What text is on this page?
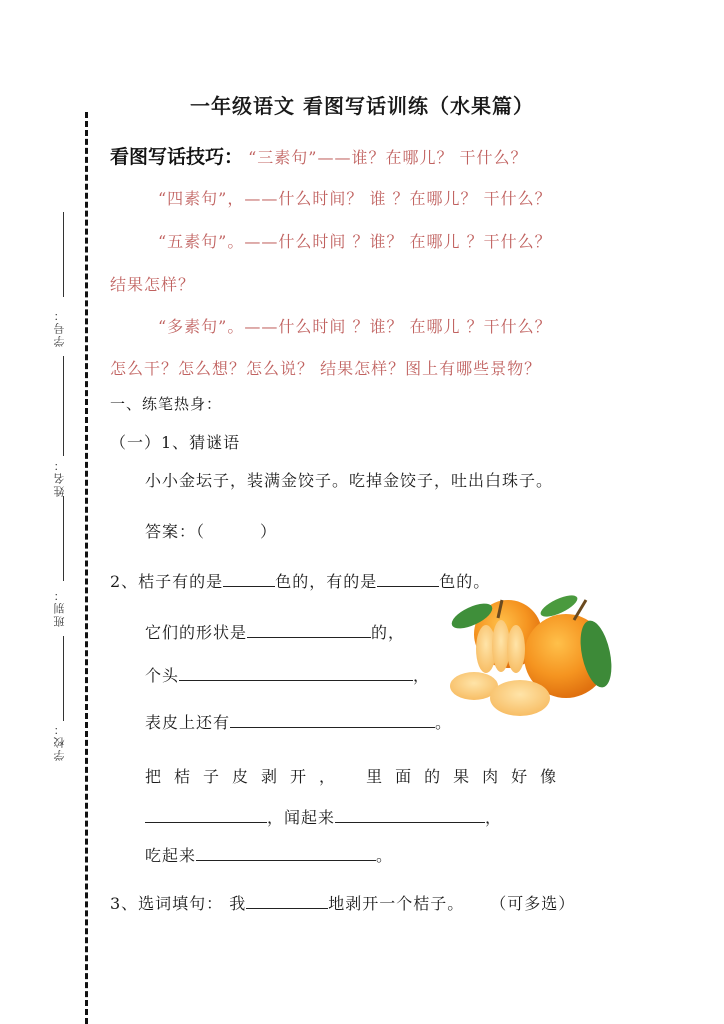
学号：
姓名：
班别：
学校：
一年级语文 看图写话训练（水果篇）
看图写话技巧： “三素句”——谁？在哪儿？ 干什么？
“四素句”，——什么时间？ 谁 ？在哪儿？ 干什么？
“五素句”。——什么时间 ？谁？ 在哪儿 ？干什么？
结果怎样？
“多素句”。——什么时间 ？谁？ 在哪儿 ？干什么？
怎么干？怎么想？怎么说？ 结果怎样？图上有哪些景物？
一、练笔热身：
（一）1、猜谜语
小小金坛子，装满金饺子。吃掉金饺子，吐出白珠子。
答案：（	）
2、桔子有的是	色的，有的是	色的。
它们的形状是	的，
个头	，
表皮上还有	。
把桔子皮剥开， 里面的果肉好像
，闻起来	，
吃起来	。
3、选词填句： 我	地剥开一个桔子。 （可多选）
